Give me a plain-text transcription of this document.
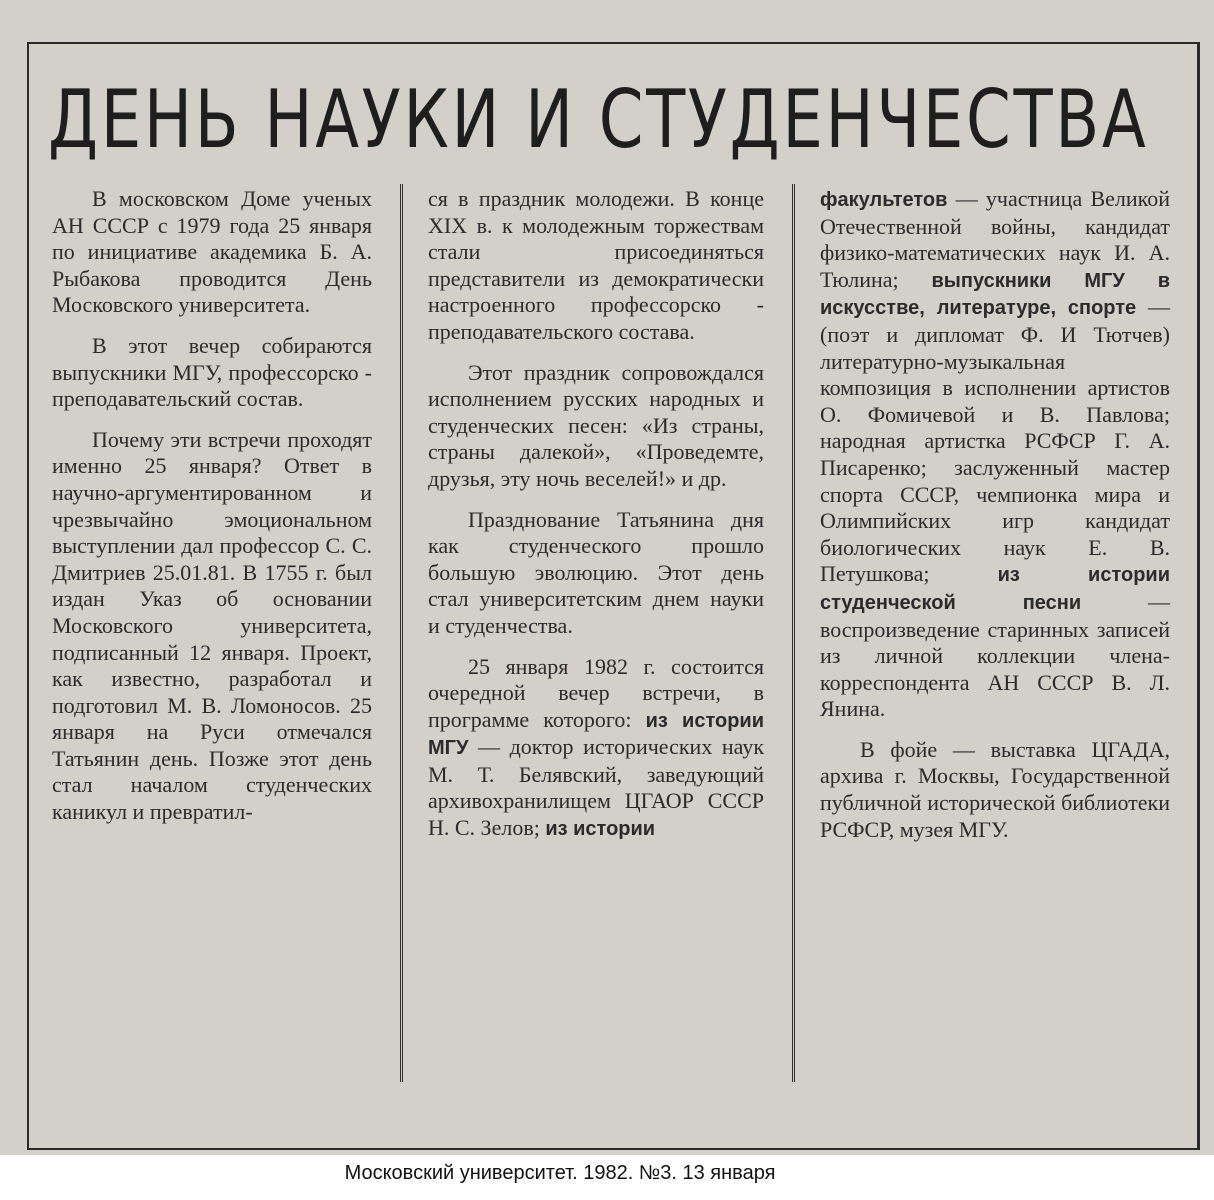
ДЕНЬ НАУКИ И СТУДЕНЧЕСТВА

В московском Доме ученых АН СССР с 1979 года 25 января по инициативе академика Б. А. Рыбакова проводится День Московского университета.

В этот вечер собираются выпускники МГУ, профессорско - преподавательский состав.

Почему эти встречи проходят именно 25 января? Ответ в научно-аргументированном и чрезвычайно эмоциональном выступлении дал профессор С. С. Дмитриев 25.01.81. В 1755 г. был издан Указ об основании Московского университета, подписанный 12 января. Проект, как известно, разработал и подготовил М. В. Ломоносов. 25 января на Руси отмечался Татьянин день. Позже этот день стал началом студенческих каникул и превратил-

ся в праздник молодежи. В конце XIX в. к молодежным торжествам стали присоединяться представители из демократически настроенного профессорско - преподавательского состава.

Этот праздник сопровождался исполнением русских народных и студенческих песен: «Из страны, страны далекой», «Проведемте, друзья, эту ночь веселей!» и др.

Празднование Татьянина дня как студенческого прошло большую эволюцию. Этот день стал университетским днем науки и студенчества.

25 января 1982 г. состоится очередной вечер встречи, в программе которого: из истории МГУ — доктор исторических наук М. Т. Белявский, заведующий архивохранилищем ЦГАОР СССР Н. С. Зелов; из истории

факультетов — участница Великой Отечественной войны, кандидат физико-математических наук И. А. Тюлина; выпускники МГУ в искусстве, литературе, спорте — (поэт и дипломат Ф. И Тютчев) литературно-музыкальная композиция в исполнении артистов О. Фомичевой и В. Павлова; народная артистка РСФСР Г. А. Писаренко; заслуженный мастер спорта СССР, чемпионка мира и Олимпийских игр кандидат биологических наук Е. В. Петушкова;	из истории студенческой песни	— воспроизведение старинных записей из личной коллекции члена-корреспондента АН СССР В. Л. Янина.

В фойе — выставка ЦГАДА, архива г. Москвы, Государственной публичной исторической библиотеки РСФСР, музея МГУ.

Московский университет. 1982. №3. 13 января
